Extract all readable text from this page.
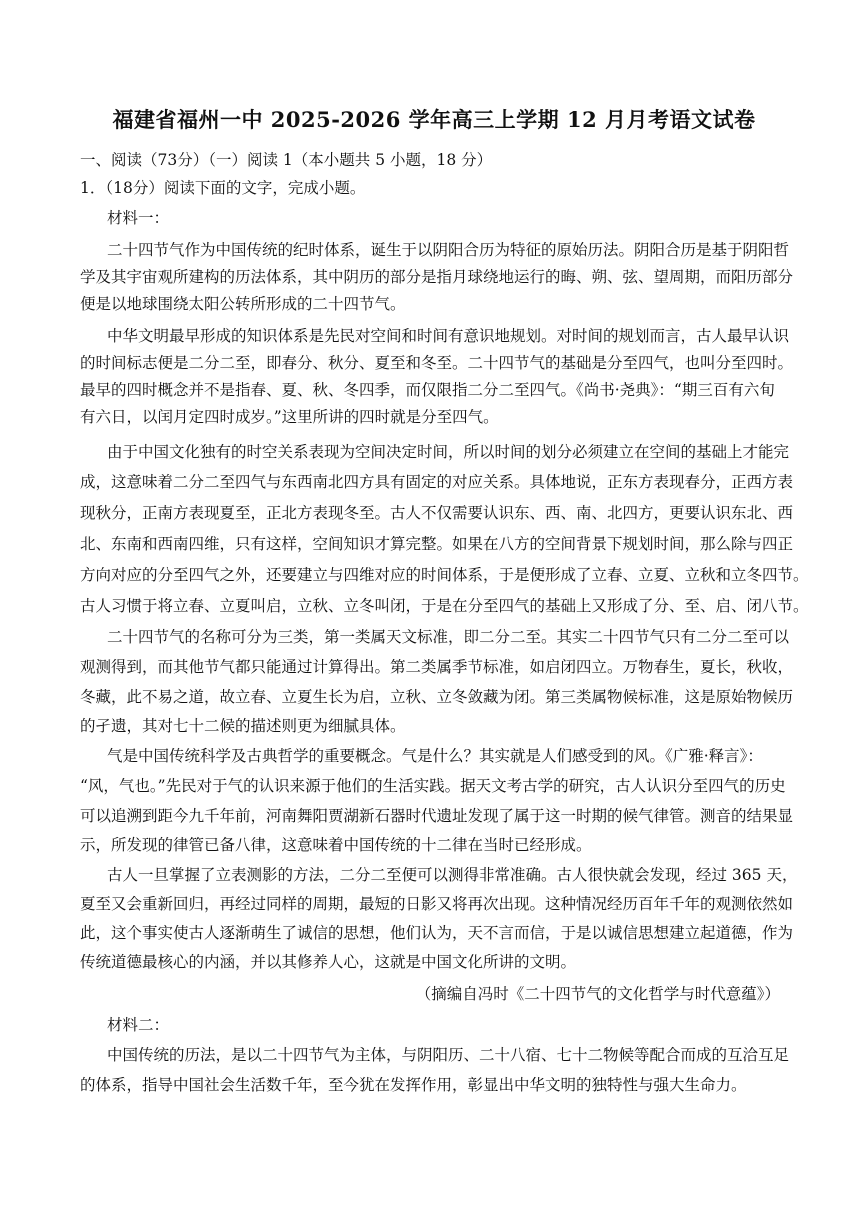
福建省福州一中 2025-2026 学年高三上学期 12 月月考语文试卷
一、阅读（73分）（一）阅读 1（本小题共 5 小题，18 分）
1．（18分）阅读下面的文字，完成小题。
材料一：
二十四节气作为中国传统的纪时体系，诞生于以阴阳合历为特征的原始历法。阴阳合历是基于阴阳哲
学及其宇宙观所建构的历法体系，其中阴历的部分是指月球绕地运行的晦、朔、弦、望周期，而阳历部分
便是以地球围绕太阳公转所形成的二十四节气。
中华文明最早形成的知识体系是先民对空间和时间有意识地规划。对时间的规划而言，古人最早认识
的时间标志便是二分二至，即春分、秋分、夏至和冬至。二十四节气的基础是分至四气，也叫分至四时。
最早的四时概念并不是指春、夏、秋、冬四季，而仅限指二分二至四气。《尚书·尧典》：“期三百有六旬
有六日，以闰月定四时成岁。”这里所讲的四时就是分至四气。
由于中国文化独有的时空关系表现为空间决定时间，所以时间的划分必须建立在空间的基础上才能完
成，这意味着二分二至四气与东西南北四方具有固定的对应关系。具体地说，正东方表现春分，正西方表
现秋分，正南方表现夏至，正北方表现冬至。古人不仅需要认识东、西、南、北四方，更要认识东北、西
北、东南和西南四维，只有这样，空间知识才算完整。如果在八方的空间背景下规划时间，那么除与四正
方向对应的分至四气之外，还要建立与四维对应的时间体系，于是便形成了立春、立夏、立秋和立冬四节。
古人习惯于将立春、立夏叫启，立秋、立冬叫闭，于是在分至四气的基础上又形成了分、至、启、闭八节。
二十四节气的名称可分为三类，第一类属天文标准，即二分二至。其实二十四节气只有二分二至可以
观测得到，而其他节气都只能通过计算得出。第二类属季节标准，如启闭四立。万物春生，夏长，秋收，
冬藏，此不易之道，故立春、立夏生长为启，立秋、立冬敛藏为闭。第三类属物候标准，这是原始物候历
的孑遗，其对七十二候的描述则更为细腻具体。
气是中国传统科学及古典哲学的重要概念。气是什么？其实就是人们感受到的风。《广雅·释言》：
“风，气也。”先民对于气的认识来源于他们的生活实践。据天文考古学的研究，古人认识分至四气的历史
可以追溯到距今九千年前，河南舞阳贾湖新石器时代遗址发现了属于这一时期的候气律管。测音的结果显
示，所发现的律管已备八律，这意味着中国传统的十二律在当时已经形成。
古人一旦掌握了立表测影的方法，二分二至便可以测得非常准确。古人很快就会发现，经过 365 天，
夏至又会重新回归，再经过同样的周期，最短的日影又将再次出现。这种情况经历百年千年的观测依然如
此，这个事实使古人逐渐萌生了诚信的思想，他们认为，天不言而信，于是以诚信思想建立起道德，作为
传统道德最核心的内涵，并以其修养人心，这就是中国文化所讲的文明。
（摘编自冯时《二十四节气的文化哲学与时代意蕴》）
材料二：
中国传统的历法，是以二十四节气为主体，与阴阳历、二十八宿、七十二物候等配合而成的互洽互足
的体系，指导中国社会生活数千年，至今犹在发挥作用，彰显出中华文明的独特性与强大生命力。
